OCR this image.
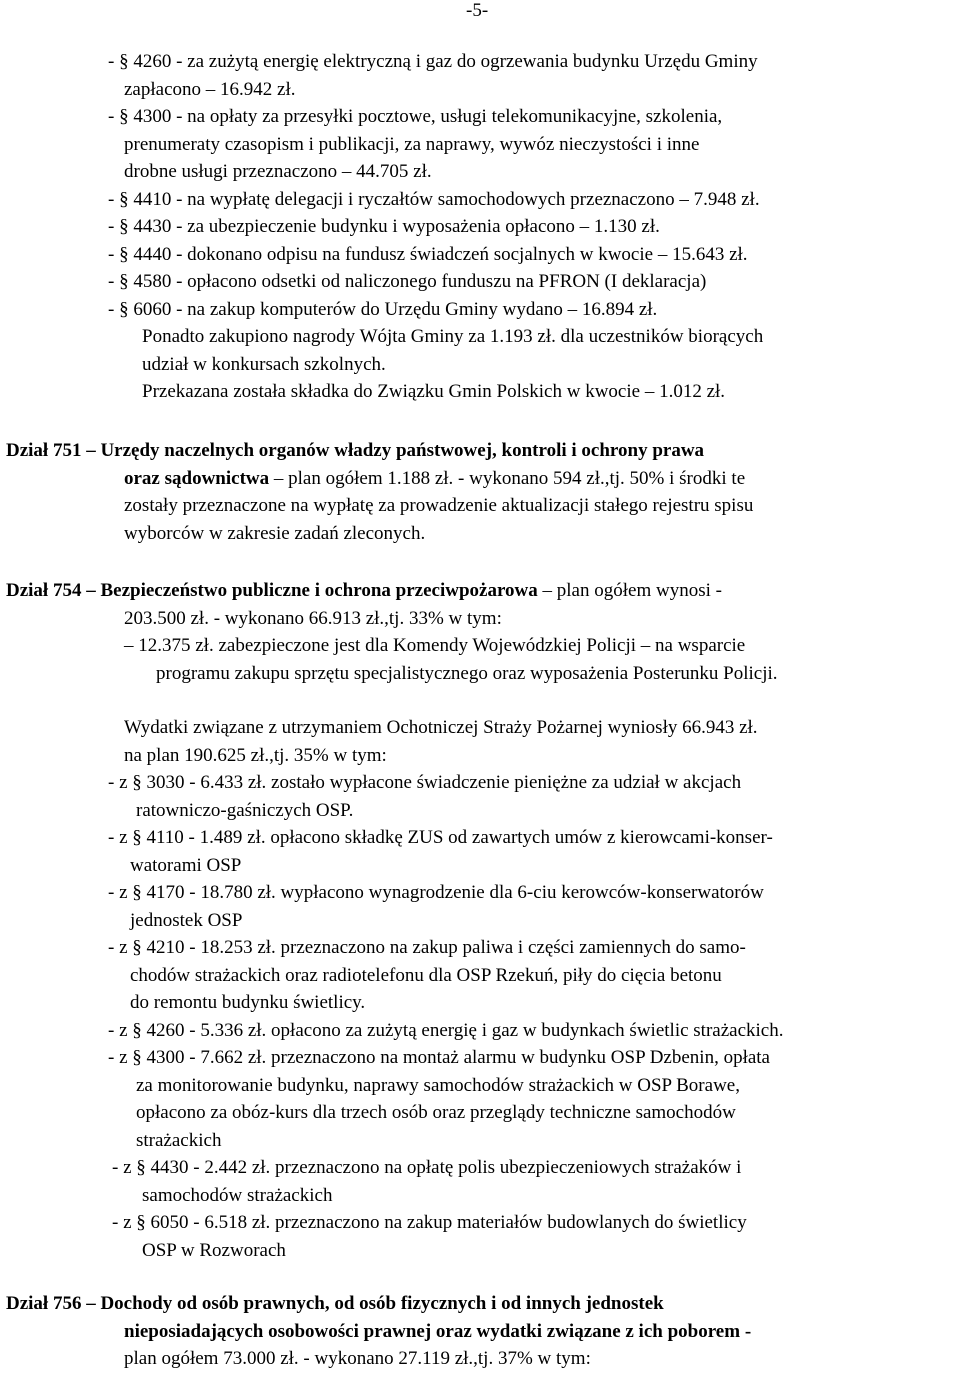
-5-
- § 4260 - za zużytą energię elektryczną i gaz do ogrzewania budynku Urzędu Gminy
zapłacono – 16.942 zł.
- § 4300 - na opłaty za przesyłki pocztowe, usługi telekomunikacyjne, szkolenia,
prenumeraty czasopism i publikacji, za naprawy, wywóz nieczystości i inne
drobne usługi przeznaczono – 44.705 zł.
- § 4410 - na wypłatę delegacji i ryczałtów samochodowych przeznaczono – 7.948 zł.
- § 4430 - za ubezpieczenie budynku i wyposażenia opłacono – 1.130 zł.
- § 4440 - dokonano odpisu na fundusz świadczeń socjalnych w kwocie – 15.643 zł.
- § 4580 - opłacono odsetki od naliczonego funduszu na PFRON (I deklaracja)
- § 6060 - na zakup komputerów do Urzędu Gminy wydano – 16.894 zł.
Ponadto zakupiono nagrody Wójta Gminy za 1.193 zł. dla uczestników biorących
udział w konkursach szkolnych.
Przekazana została składka do Związku Gmin Polskich w kwocie – 1.012 zł.
Dział 751 – Urzędy naczelnych organów władzy państwowej, kontroli i ochrony prawa
oraz sądownictwa – plan ogółem 1.188 zł. - wykonano 594 zł.,tj. 50% i środki te
zostały przeznaczone na wypłatę za prowadzenie aktualizacji stałego rejestru spisu
wyborców w zakresie zadań zleconych.
Dział 754 – Bezpieczeństwo publiczne i ochrona przeciwpożarowa – plan ogółem wynosi -
203.500 zł. - wykonano 66.913 zł.,tj. 33% w tym:
– 12.375 zł. zabezpieczone jest dla Komendy Wojewódzkiej Policji – na wsparcie
programu zakupu sprzętu specjalistycznego oraz wyposażenia Posterunku Policji.
Wydatki związane z utrzymaniem Ochotniczej Straży Pożarnej wyniosły 66.943 zł.
na plan 190.625 zł.,tj. 35% w tym:
- z § 3030 - 6.433 zł. zostało wypłacone świadczenie pieniężne za udział w akcjach
ratowniczo-gaśniczych OSP.
- z § 4110 - 1.489 zł. opłacono składkę ZUS od zawartych umów z kierowcami-konser-
watorami OSP
- z § 4170 - 18.780 zł. wypłacono wynagrodzenie dla 6-ciu kerowców-konserwatorów
jednostek OSP
- z § 4210 - 18.253 zł. przeznaczono na zakup paliwa i części zamiennych do samo-
chodów strażackich oraz radiotelefonu dla OSP Rzekuń, piły do cięcia betonu
do remontu budynku świetlicy.
- z § 4260 - 5.336 zł. opłacono za zużytą energię i gaz w budynkach świetlic strażackich.
- z § 4300 - 7.662 zł. przeznaczono na montaż alarmu w budynku OSP Dzbenin, opłata
za monitorowanie budynku, naprawy samochodów strażackich w OSP Borawe,
opłacono za obóz-kurs dla trzech osób oraz przeglądy techniczne samochodów
strażackich
- z § 4430 - 2.442 zł. przeznaczono na opłatę polis ubezpieczeniowych strażaków i
samochodów strażackich
- z § 6050 - 6.518 zł. przeznaczono na zakup materiałów budowlanych do świetlicy
OSP w Rozworach
Dział 756 – Dochody od osób prawnych, od osób fizycznych i od innych jednostek
nieposiadających osobowości prawnej oraz wydatki związane z ich poborem -
plan ogółem 73.000 zł. - wykonano 27.119 zł.,tj. 37% w tym:
